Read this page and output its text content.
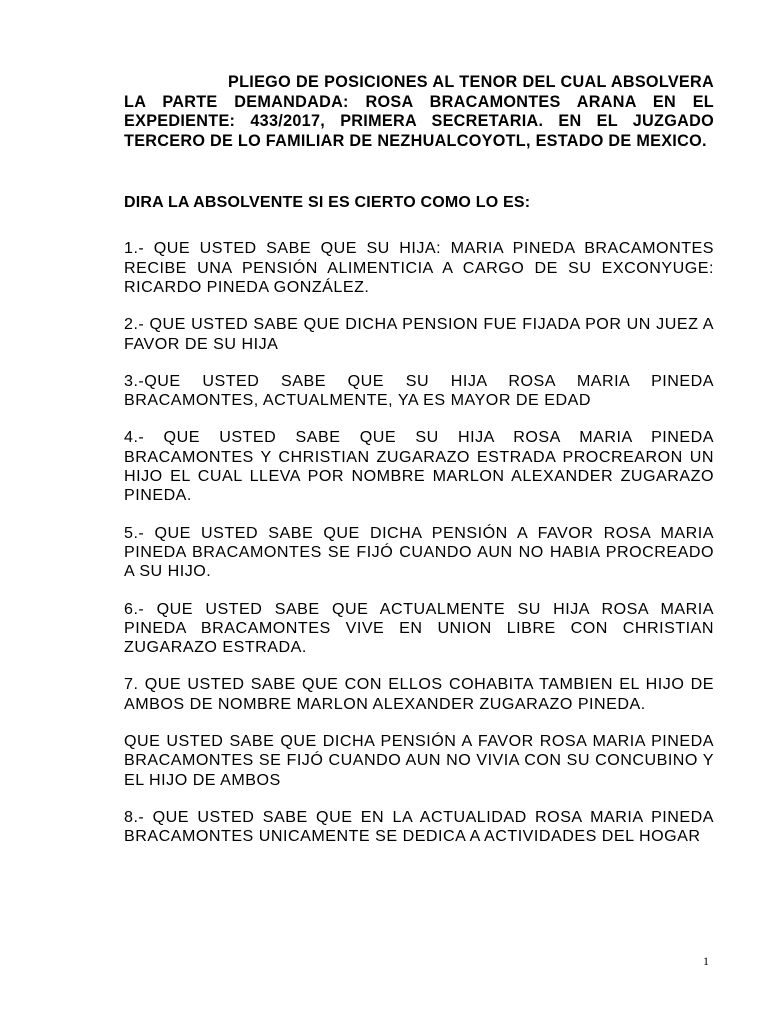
PLIEGO DE POSICIONES AL TENOR DEL CUAL ABSOLVERA LA PARTE DEMANDADA: ROSA BRACAMONTES ARANA EN EL EXPEDIENTE: 433/2017, PRIMERA SECRETARIA. EN EL JUZGADO TERCERO DE LO FAMILIAR DE NEZHUALCOYOTL, ESTADO DE MEXICO.

DIRA LA ABSOLVENTE SI ES CIERTO COMO LO ES:

1.- QUE USTED SABE QUE SU HIJA: MARIA PINEDA BRACAMONTES RECIBE UNA PENSIÓN ALIMENTICIA A CARGO DE SU EXCONYUGE: RICARDO PINEDA GONZÁLEZ.

2.- QUE USTED SABE QUE DICHA PENSION FUE FIJADA POR UN JUEZ A FAVOR DE SU HIJA

3.-QUE USTED SABE QUE SU HIJA ROSA MARIA PINEDA BRACAMONTES, ACTUALMENTE, YA ES MAYOR DE EDAD

4.- QUE USTED SABE QUE SU HIJA ROSA MARIA PINEDA BRACAMONTES Y CHRISTIAN ZUGARAZO ESTRADA PROCREARON UN HIJO EL CUAL LLEVA POR NOMBRE MARLON ALEXANDER ZUGARAZO PINEDA.

5.- QUE USTED SABE QUE DICHA PENSIÓN A FAVOR ROSA MARIA PINEDA BRACAMONTES SE FIJÓ CUANDO AUN NO HABIA PROCREADO A SU HIJO.

6.- QUE USTED SABE QUE ACTUALMENTE SU HIJA ROSA MARIA PINEDA BRACAMONTES VIVE EN UNION LIBRE CON CHRISTIAN ZUGARAZO ESTRADA.

7. QUE USTED SABE QUE CON ELLOS COHABITA TAMBIEN EL HIJO DE AMBOS DE NOMBRE MARLON ALEXANDER ZUGARAZO PINEDA.

QUE USTED SABE QUE DICHA PENSIÓN A FAVOR ROSA MARIA PINEDA BRACAMONTES SE FIJÓ CUANDO AUN NO VIVIA CON SU CONCUBINO Y EL HIJO DE AMBOS

8.- QUE USTED SABE QUE EN LA ACTUALIDAD ROSA MARIA PINEDA BRACAMONTES UNICAMENTE SE DEDICA A ACTIVIDADES DEL HOGAR

1
